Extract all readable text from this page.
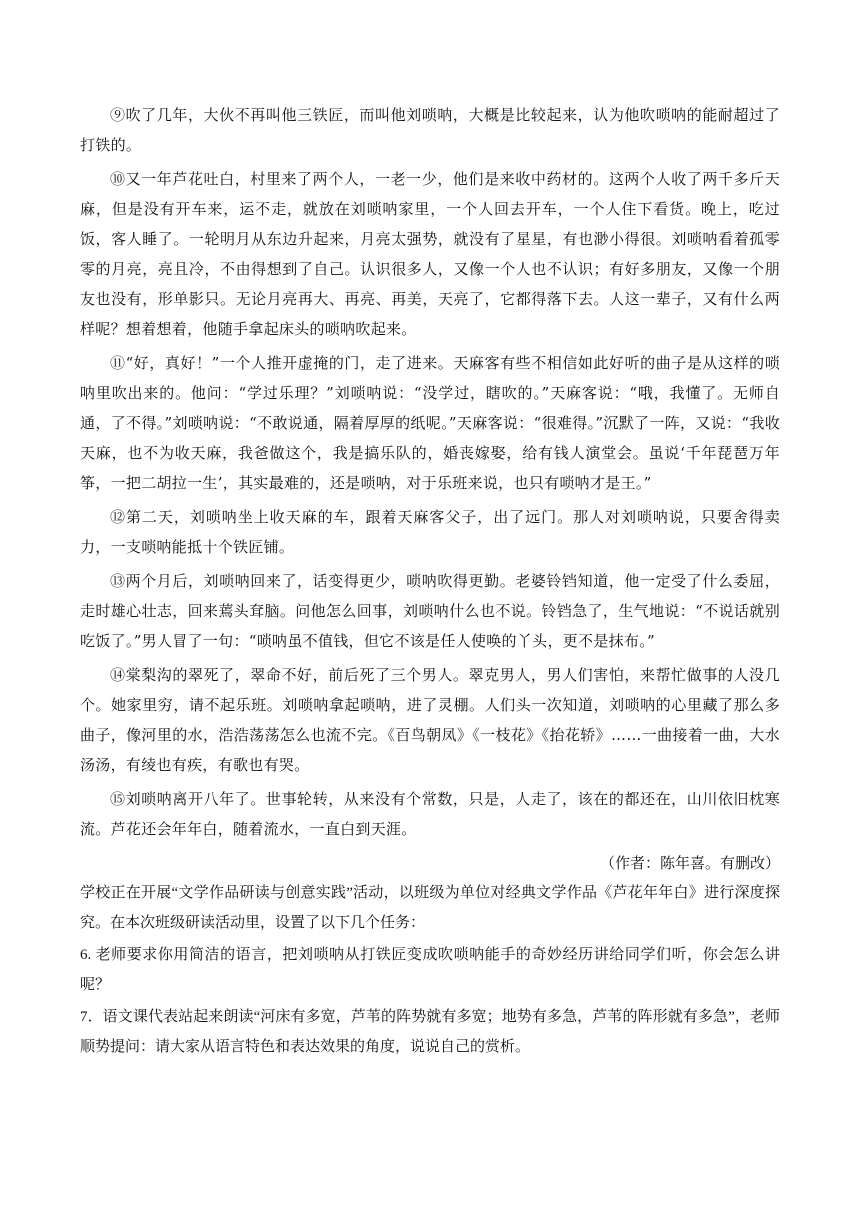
⑨吹了几年，大伙不再叫他三铁匠，而叫他刘唢呐，大概是比较起来，认为他吹唢呐的能耐超过了打铁的。

⑩又一年芦花吐白，村里来了两个人，一老一少，他们是来收中药材的。这两个人收了两千多斤天麻，但是没有开车来，运不走，就放在刘唢呐家里，一个人回去开车，一个人住下看货。晚上，吃过饭，客人睡了。一轮明月从东边升起来，月亮太强势，就没有了星星，有也渺小得很。刘唢呐看着孤零零的月亮，亮且冷，不由得想到了自己。认识很多人，又像一个人也不认识；有好多朋友，又像一个朋友也没有，形单影只。无论月亮再大、再亮、再美，天亮了，它都得落下去。人这一辈子，又有什么两样呢？想着想着，他随手拿起床头的唢呐吹起来。

⑪“好，真好！”一个人推开虚掩的门，走了进来。天麻客有些不相信如此好听的曲子是从这样的唢呐里吹出来的。他问：“学过乐理？”刘唢呐说：“没学过，瞎吹的。”天麻客说：“哦，我懂了。无师自通，了不得。”刘唢呐说：“不敢说通，隔着厚厚的纸呢。”天麻客说：“很难得。”沉默了一阵，又说：“我收天麻，也不为收天麻，我爸做这个，我是搞乐队的，婚丧嫁娶，给有钱人演堂会。虽说‘千年琵琶万年筝，一把二胡拉一生’，其实最难的，还是唢呐，对于乐班来说，也只有唢呐才是王。”

⑫第二天，刘唢呐坐上收天麻的车，跟着天麻客父子，出了远门。那人对刘唢呐说，只要舍得卖力，一支唢呐能抵十个铁匠铺。

⑬两个月后，刘唢呐回来了，话变得更少，唢呐吹得更勤。老婆铃铛知道，他一定受了什么委屈，走时雄心壮志，回来蔫头耷脑。问他怎么回事，刘唢呐什么也不说。铃铛急了，生气地说：“不说话就别吃饭了。”男人冒了一句：“唢呐虽不值钱，但它不该是任人使唤的丫头，更不是抹布。”

⑭棠梨沟的翠死了，翠命不好，前后死了三个男人。翠克男人，男人们害怕，来帮忙做事的人没几个。她家里穷，请不起乐班。刘唢呐拿起唢呐，进了灵棚。人们头一次知道，刘唢呐的心里藏了那么多曲子，像河里的水，浩浩荡荡怎么也流不完。《百鸟朝凤》《一枝花》《抬花轿》……一曲接着一曲，大水汤汤，有绫也有疾，有歌也有哭。

⑮刘唢呐离开八年了。世事轮转，从来没有个常数，只是，人走了，该在的都还在，山川依旧枕寒流。芦花还会年年白，随着流水，一直白到天涯。

（作者：陈年喜。有删改）

学校正在开展“文学作品研读与创意实践”活动，以班级为单位对经典文学作品《芦花年年白》进行深度探究。在本次班级研读活动里，设置了以下几个任务：

6. 老师要求你用简洁的语言，把刘唢呐从打铁匠变成吹唢呐能手的奇妙经历讲给同学们听，你会怎么讲呢？

7．语文课代表站起来朗读“河床有多宽，芦苇的阵势就有多宽；地势有多急，芦苇的阵形就有多急”，老师顺势提问：请大家从语言特色和表达效果的角度，说说自己的赏析。
